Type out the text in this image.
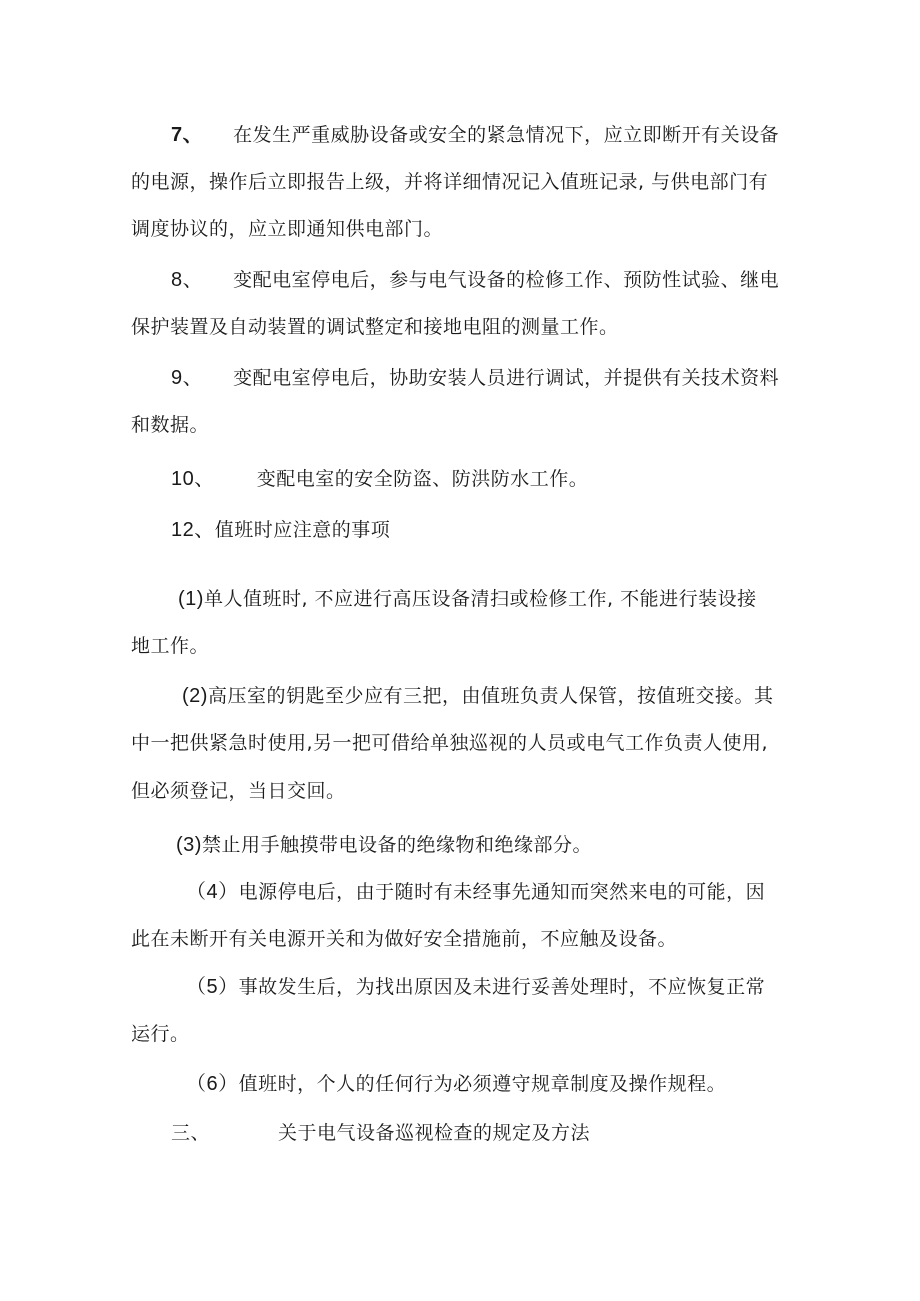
7、 在发生严重威胁设备或安全的紧急情况下，应立即断开有关设备
的电源，操作后立即报告上级，并将详细情况记入值班记录, 与供电部门有
调度协议的，应立即通知供电部门。
8、 变配电室停电后，参与电气设备的检修工作、预防性试验、继电
保护装置及自动装置的调试整定和接地电阻的测量工作。
9、 变配电室停电后，协助安装人员进行调试，并提供有关技术资料
和数据。
10、 变配电室的安全防盗、防洪防水工作。
12、值班时应注意的事项
(1)单人值班时, 不应进行高压设备清扫或检修工作, 不能进行装设接
地工作。
(2)高压室的钥匙至少应有三把，由值班负责人保管，按值班交接。其
中一把供紧急时使用,另一把可借给单独巡视的人员或电气工作负责人使用,
但必须登记，当日交回。
(3)禁止用手触摸带电设备的绝缘物和绝缘部分。
（4）电源停电后，由于随时有未经事先通知而突然来电的可能，因
此在未断开有关电源开关和为做好安全措施前，不应触及设备。
（5）事故发生后，为找出原因及未进行妥善处理时，不应恢复正常
运行。
（6）值班时，个人的任何行为必须遵守规章制度及操作规程。
三、	关于电气设备巡视检查的规定及方法
